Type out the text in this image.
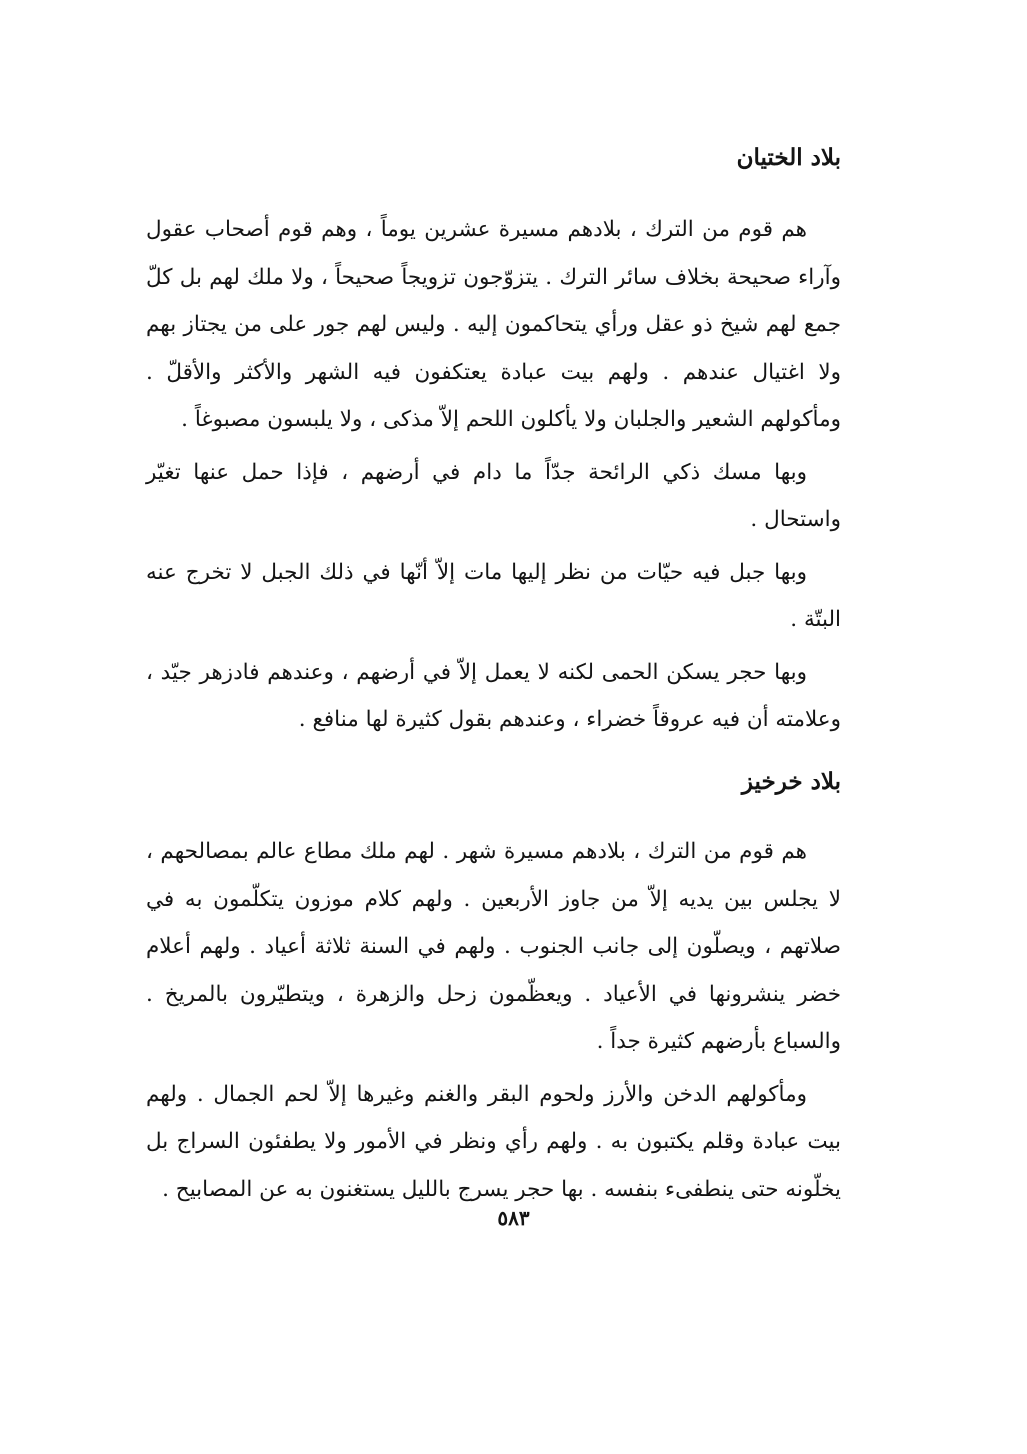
بلاد الختيان

هم قوم من الترك ، بلادهم مسيرة عشرين يوماً ، وهم قوم أصحاب عقول وآراء صحيحة بخلاف سائر الترك . يتزوّجون تزويجاً صحيحاً ، ولا ملك لهم بل كلّ جمع لهم شيخ ذو عقل ورأي يتحاكمون إليه . وليس لهم جور على من يجتاز بهم ولا اغتيال عندهم . ولهم بيت عبادة يعتكفون فيه الشهر والأكثر والأقلّ . ومأكولهم الشعير والجلبان ولا يأكلون اللحم إلاّ مذكى ، ولا يلبسون مصبوغاً .

وبها مسك ذكي الرائحة جدّاً ما دام في أرضهم ، فإذا حمل عنها تغيّر واستحال .

وبها جبل فيه حيّات من نظر إليها مات إلاّ أنّها في ذلك الجبل لا تخرج عنه البتّة .

وبها حجر يسكن الحمى لكنه لا يعمل إلاّ في أرضهم ، وعندهم فادزهر جيّد ، وعلامته أن فيه عروقاً خضراء ، وعندهم بقول كثيرة لها منافع .

بلاد خرخيز

هم قوم من الترك ، بلادهم مسيرة شهر . لهم ملك مطاع عالم بمصالحهم ، لا يجلس بين يديه إلاّ من جاوز الأربعين . ولهم كلام موزون يتكلّمون به في صلاتهم ، ويصلّون إلى جانب الجنوب . ولهم في السنة ثلاثة أعياد . ولهم أعلام خضر ينشرونها في الأعياد . ويعظّمون زحل والزهرة ، ويتطيّرون بالمريخ . والسباع بأرضهم كثيرة جداً .

ومأكولهم الدخن والأرز ولحوم البقر والغنم وغيرها إلاّ لحم الجمال . ولهم بيت عبادة وقلم يكتبون به . ولهم رأي ونظر في الأمور ولا يطفئون السراج بل يخلّونه حتى ينطفىء بنفسه . بها حجر يسرج بالليل يستغنون به عن المصابيح .

٥٨٣
